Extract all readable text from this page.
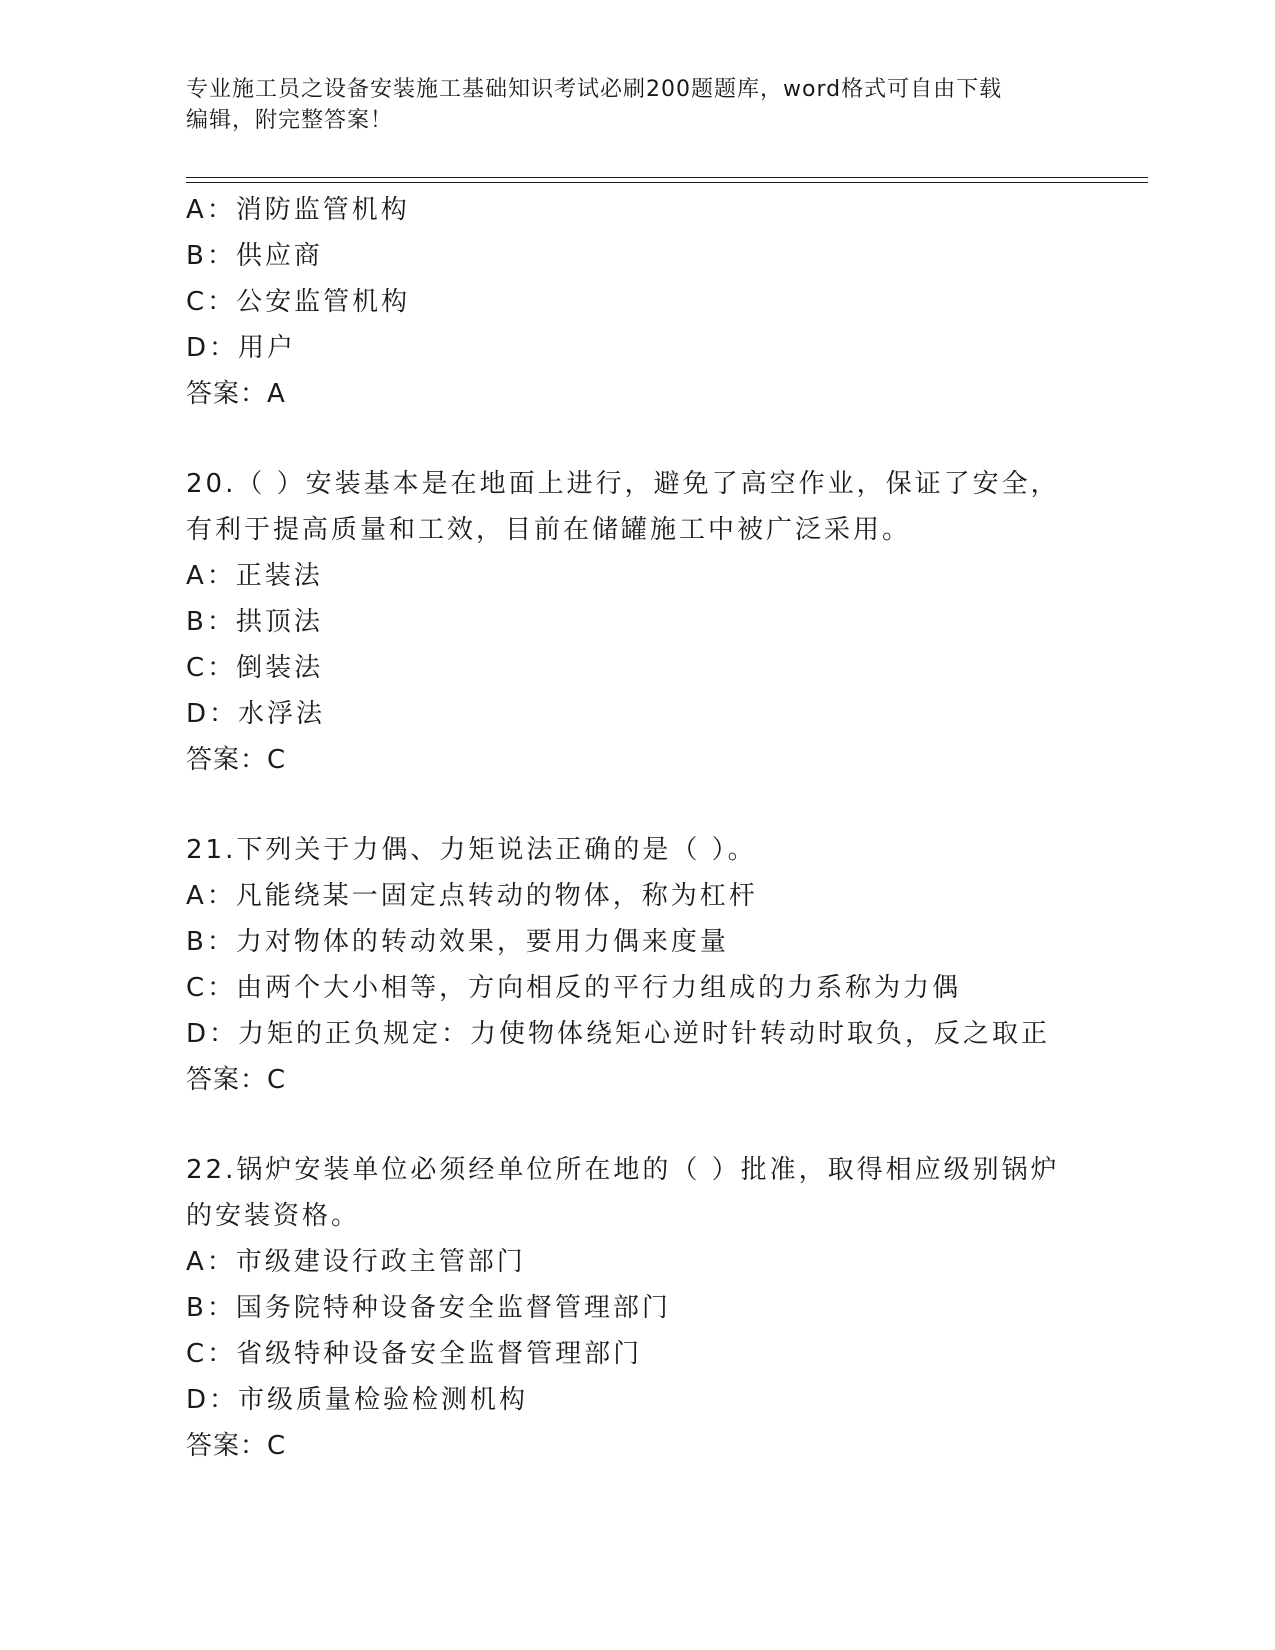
专业施工员之设备安装施工基础知识考试必刷200题题库，word格式可自由下载
编辑，附完整答案！
A：消防监管机构
B：供应商
C：公安监管机构
D：用户
答案：A
20.（ ）安装基本是在地面上进行，避免了高空作业，保证了安全，
有利于提高质量和工效，目前在储罐施工中被广泛采用。
A：正装法
B：拱顶法
C：倒装法
D：水浮法
答案：C
21.下列关于力偶、力矩说法正确的是（ ）。
A：凡能绕某一固定点转动的物体，称为杠杆
B：力对物体的转动效果，要用力偶来度量
C：由两个大小相等，方向相反的平行力组成的力系称为力偶
D：力矩的正负规定：力使物体绕矩心逆时针转动时取负，反之取正
答案：C
22.锅炉安装单位必须经单位所在地的（ ）批准，取得相应级别锅炉
的安装资格。
A：市级建设行政主管部门
B：国务院特种设备安全监督管理部门
C：省级特种设备安全监督管理部门
D：市级质量检验检测机构
答案：C
